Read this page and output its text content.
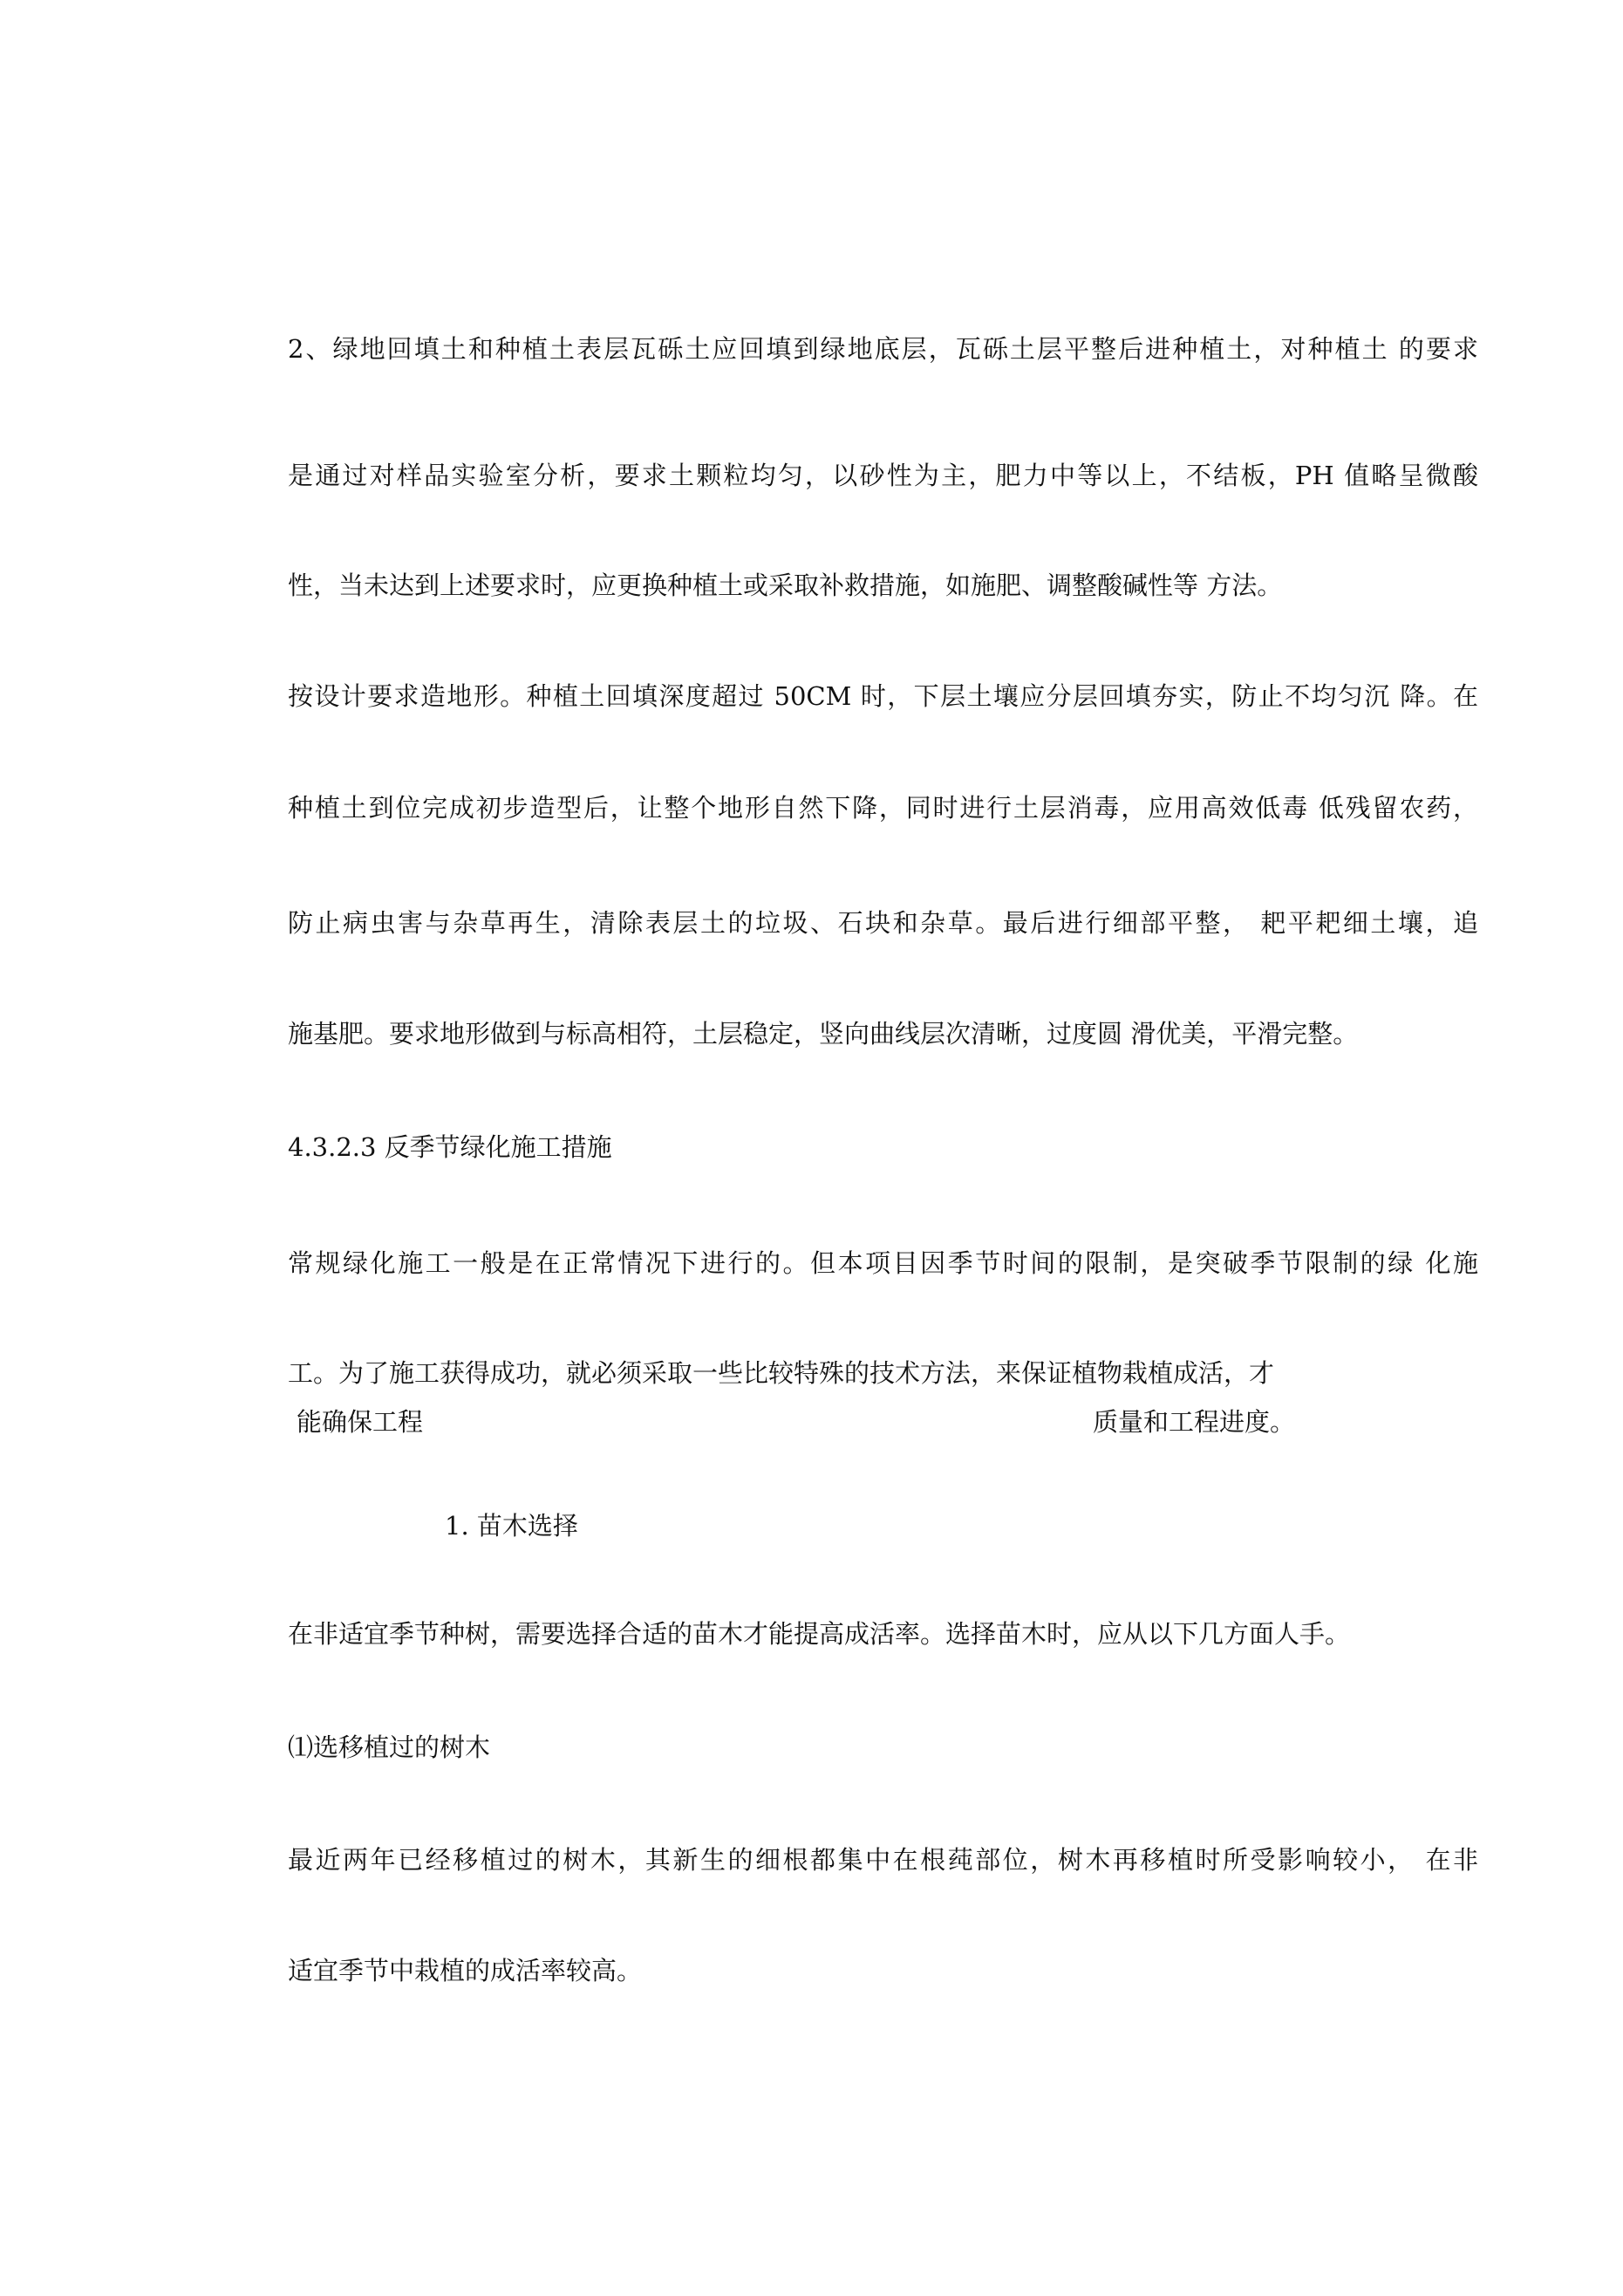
2、绿地回填土和种植土表层瓦砾土应回填到绿地底层，瓦砾土层平整后进种植土，对种植土 的要求

是通过对样品实验室分析，要求土颗粒均匀，以砂性为主，肥力中等以上，不结板，PH 值略呈微酸

性，当未达到上述要求时，应更换种植土或采取补救措施，如施肥、调整酸碱性等 方法。

按设计要求造地形。种植土回填深度超过 50CM 时，下层土壤应分层回填夯实，防止不均匀沉 降。在

种植土到位完成初步造型后，让整个地形自然下降，同时进行土层消毒，应用高效低毒 低残留农药，

防止病虫害与杂草再生，清除表层土的垃圾、石块和杂草。最后进行细部平整， 耙平耙细土壤，追

施基肥。要求地形做到与标高相符，土层稳定，竖向曲线层次清晰，过度圆 滑优美，平滑完整。

4.3.2.3 反季节绿化施工措施

常规绿化施工一般是在正常情况下进行的。但本项目因季节时间的限制，是突破季节限制的绿 化施

工。为了施工获得成功，就必须采取一些比较特殊的技术方法，来保证植物栽植成活，才

能确保工程	质量和工程进度。

1. 苗木选择

在非适宜季节种树，需要选择合适的苗木才能提高成活率。选择苗木时，应从以下几方面人手。

⑴选移植过的树木

最近两年已经移植过的树木，其新生的细根都集中在根莼部位，树木再移植时所受影响较小， 在非

适宜季节中栽植的成活率较高。
